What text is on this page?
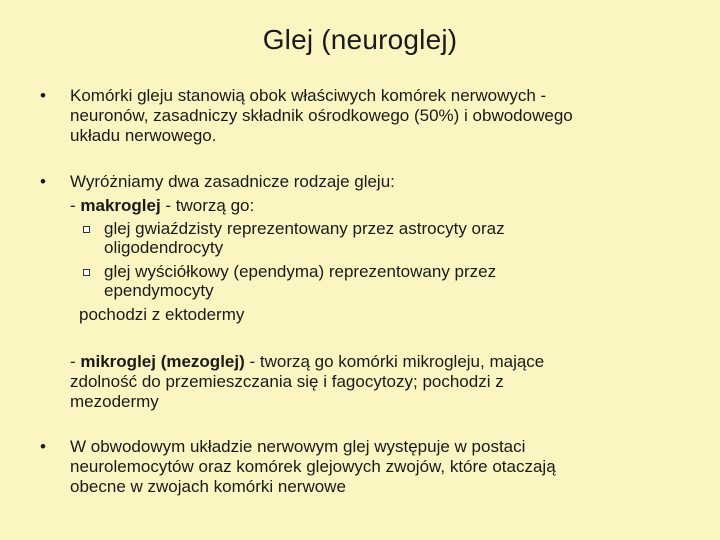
Glej (neuroglej)
• Komórki gleju stanowią obok właściwych komórek nerwowych -
neuronów, zasadniczy składnik ośrodkowego (50%) i obwodowego
układu nerwowego.
• Wyróżniamy dwa zasadnicze rodzaje gleju:
- makroglej - tworzą go:
glej gwiaździsty reprezentowany przez astrocyty oraz
oligodendrocyty
glej wyściółkowy (ependyma) reprezentowany przez
ependymocyty
pochodzi z ektodermy
- mikroglej (mezoglej) - tworzą go komórki mikrogleju, mające
zdolność do przemieszczania się i fagocytozy; pochodzi z
mezodermy
• W obwodowym układzie nerwowym glej występuje w postaci
neurolemocytów oraz komórek glejowych zwojów, które otaczają
obecne w zwojach komórki nerwowe
